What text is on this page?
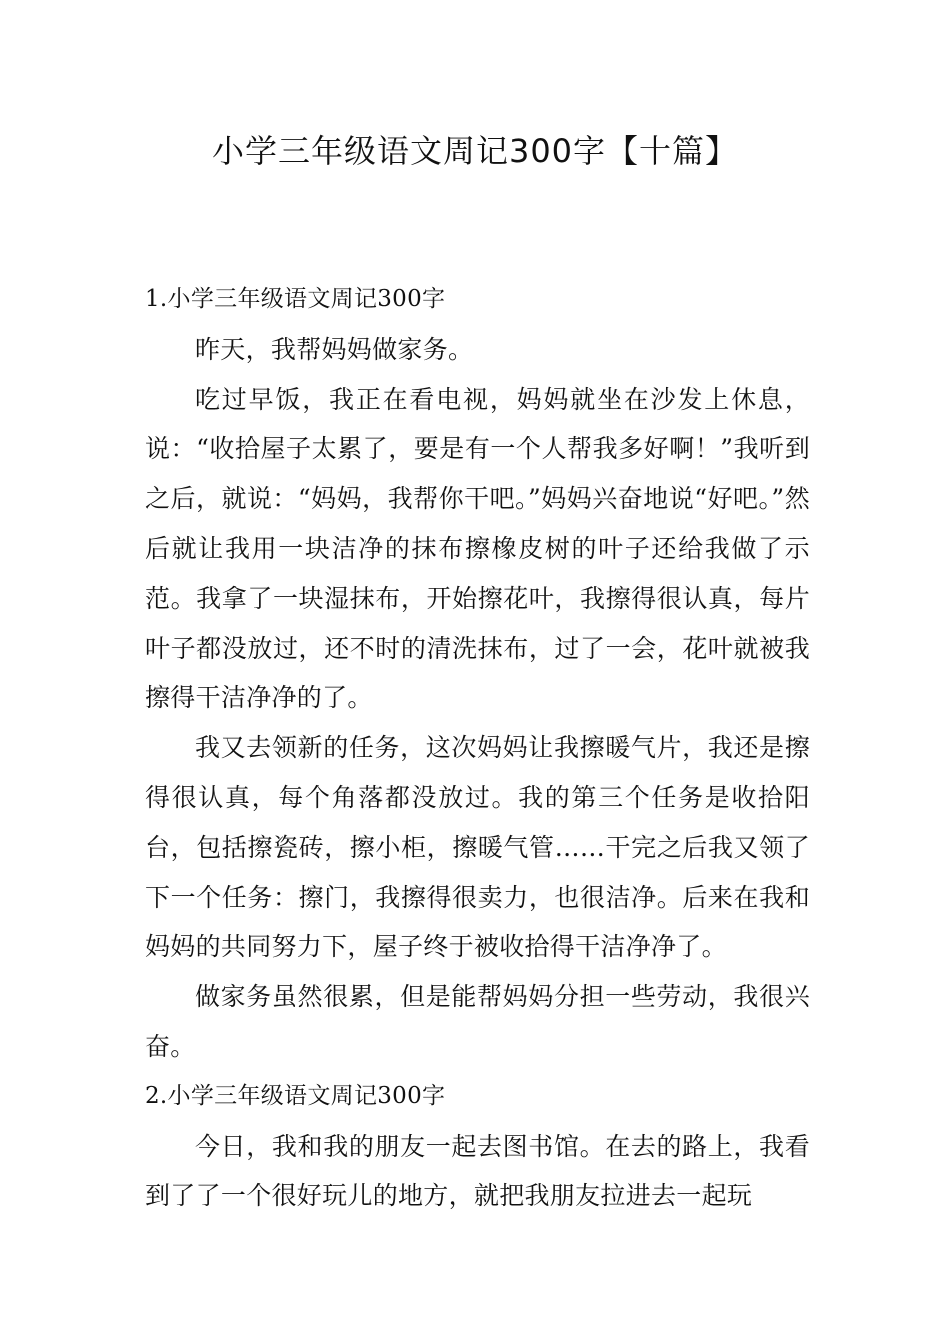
小学三年级语文周记300字【十篇】

1.小学三年级语文周记300字

昨天，我帮妈妈做家务。

吃过早饭，我正在看电视，妈妈就坐在沙发上休息，说：“收拾屋子太累了，要是有一个人帮我多好啊！”我听到之后，就说：“妈妈，我帮你干吧。”妈妈兴奋地说“好吧。”然后就让我用一块洁净的抹布擦橡皮树的叶子还给我做了示范。我拿了一块湿抹布，开始擦花叶，我擦得很认真，每片叶子都没放过，还不时的清洗抹布，过了一会，花叶就被我擦得干洁净净的了。

我又去领新的任务，这次妈妈让我擦暖气片，我还是擦得很认真，每个角落都没放过。我的第三个任务是收拾阳台，包括擦瓷砖，擦小柜，擦暖气管……干完之后我又领了下一个任务：擦门，我擦得很卖力，也很洁净。后来在我和妈妈的共同努力下，屋子终于被收拾得干洁净净了。

做家务虽然很累，但是能帮妈妈分担一些劳动，我很兴奋。

2.小学三年级语文周记300字

今日，我和我的朋友一起去图书馆。在去的路上，我看到了了一个很好玩儿的地方，就把我朋友拉进去一起玩
